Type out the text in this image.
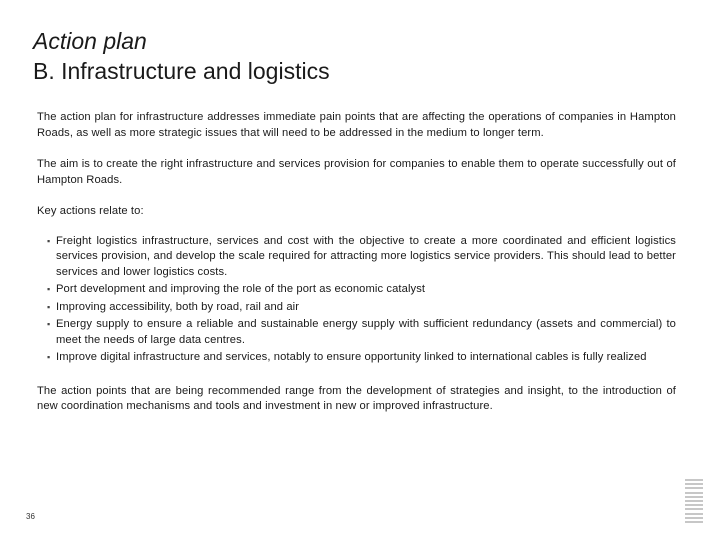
Action plan
B. Infrastructure and logistics

The action plan for infrastructure addresses immediate pain points that are affecting the operations of companies in Hampton Roads, as well as more strategic issues that will need to be addressed in the medium to longer term.

The aim is to create the right infrastructure and services provision for companies to enable them to operate successfully out of Hampton Roads.

Key actions relate to:

▪ Freight logistics infrastructure, services and cost with the objective to create a more coordinated and efficient logistics services provision, and develop the scale required for attracting more logistics service providers. This should lead to better services and lower logistics costs.
▪ Port development and improving the role of the port as economic catalyst
▪ Improving accessibility, both by road, rail and air
▪ Energy supply to ensure a reliable and sustainable energy supply with sufficient redundancy (assets and commercial) to meet the needs of large data centres.
▪ Improve digital infrastructure and services, notably to ensure opportunity linked to international cables is fully realized

The action points that are being recommended range from the development of strategies and insight, to the introduction of new coordination mechanisms and tools and investment in new or improved infrastructure.

36
